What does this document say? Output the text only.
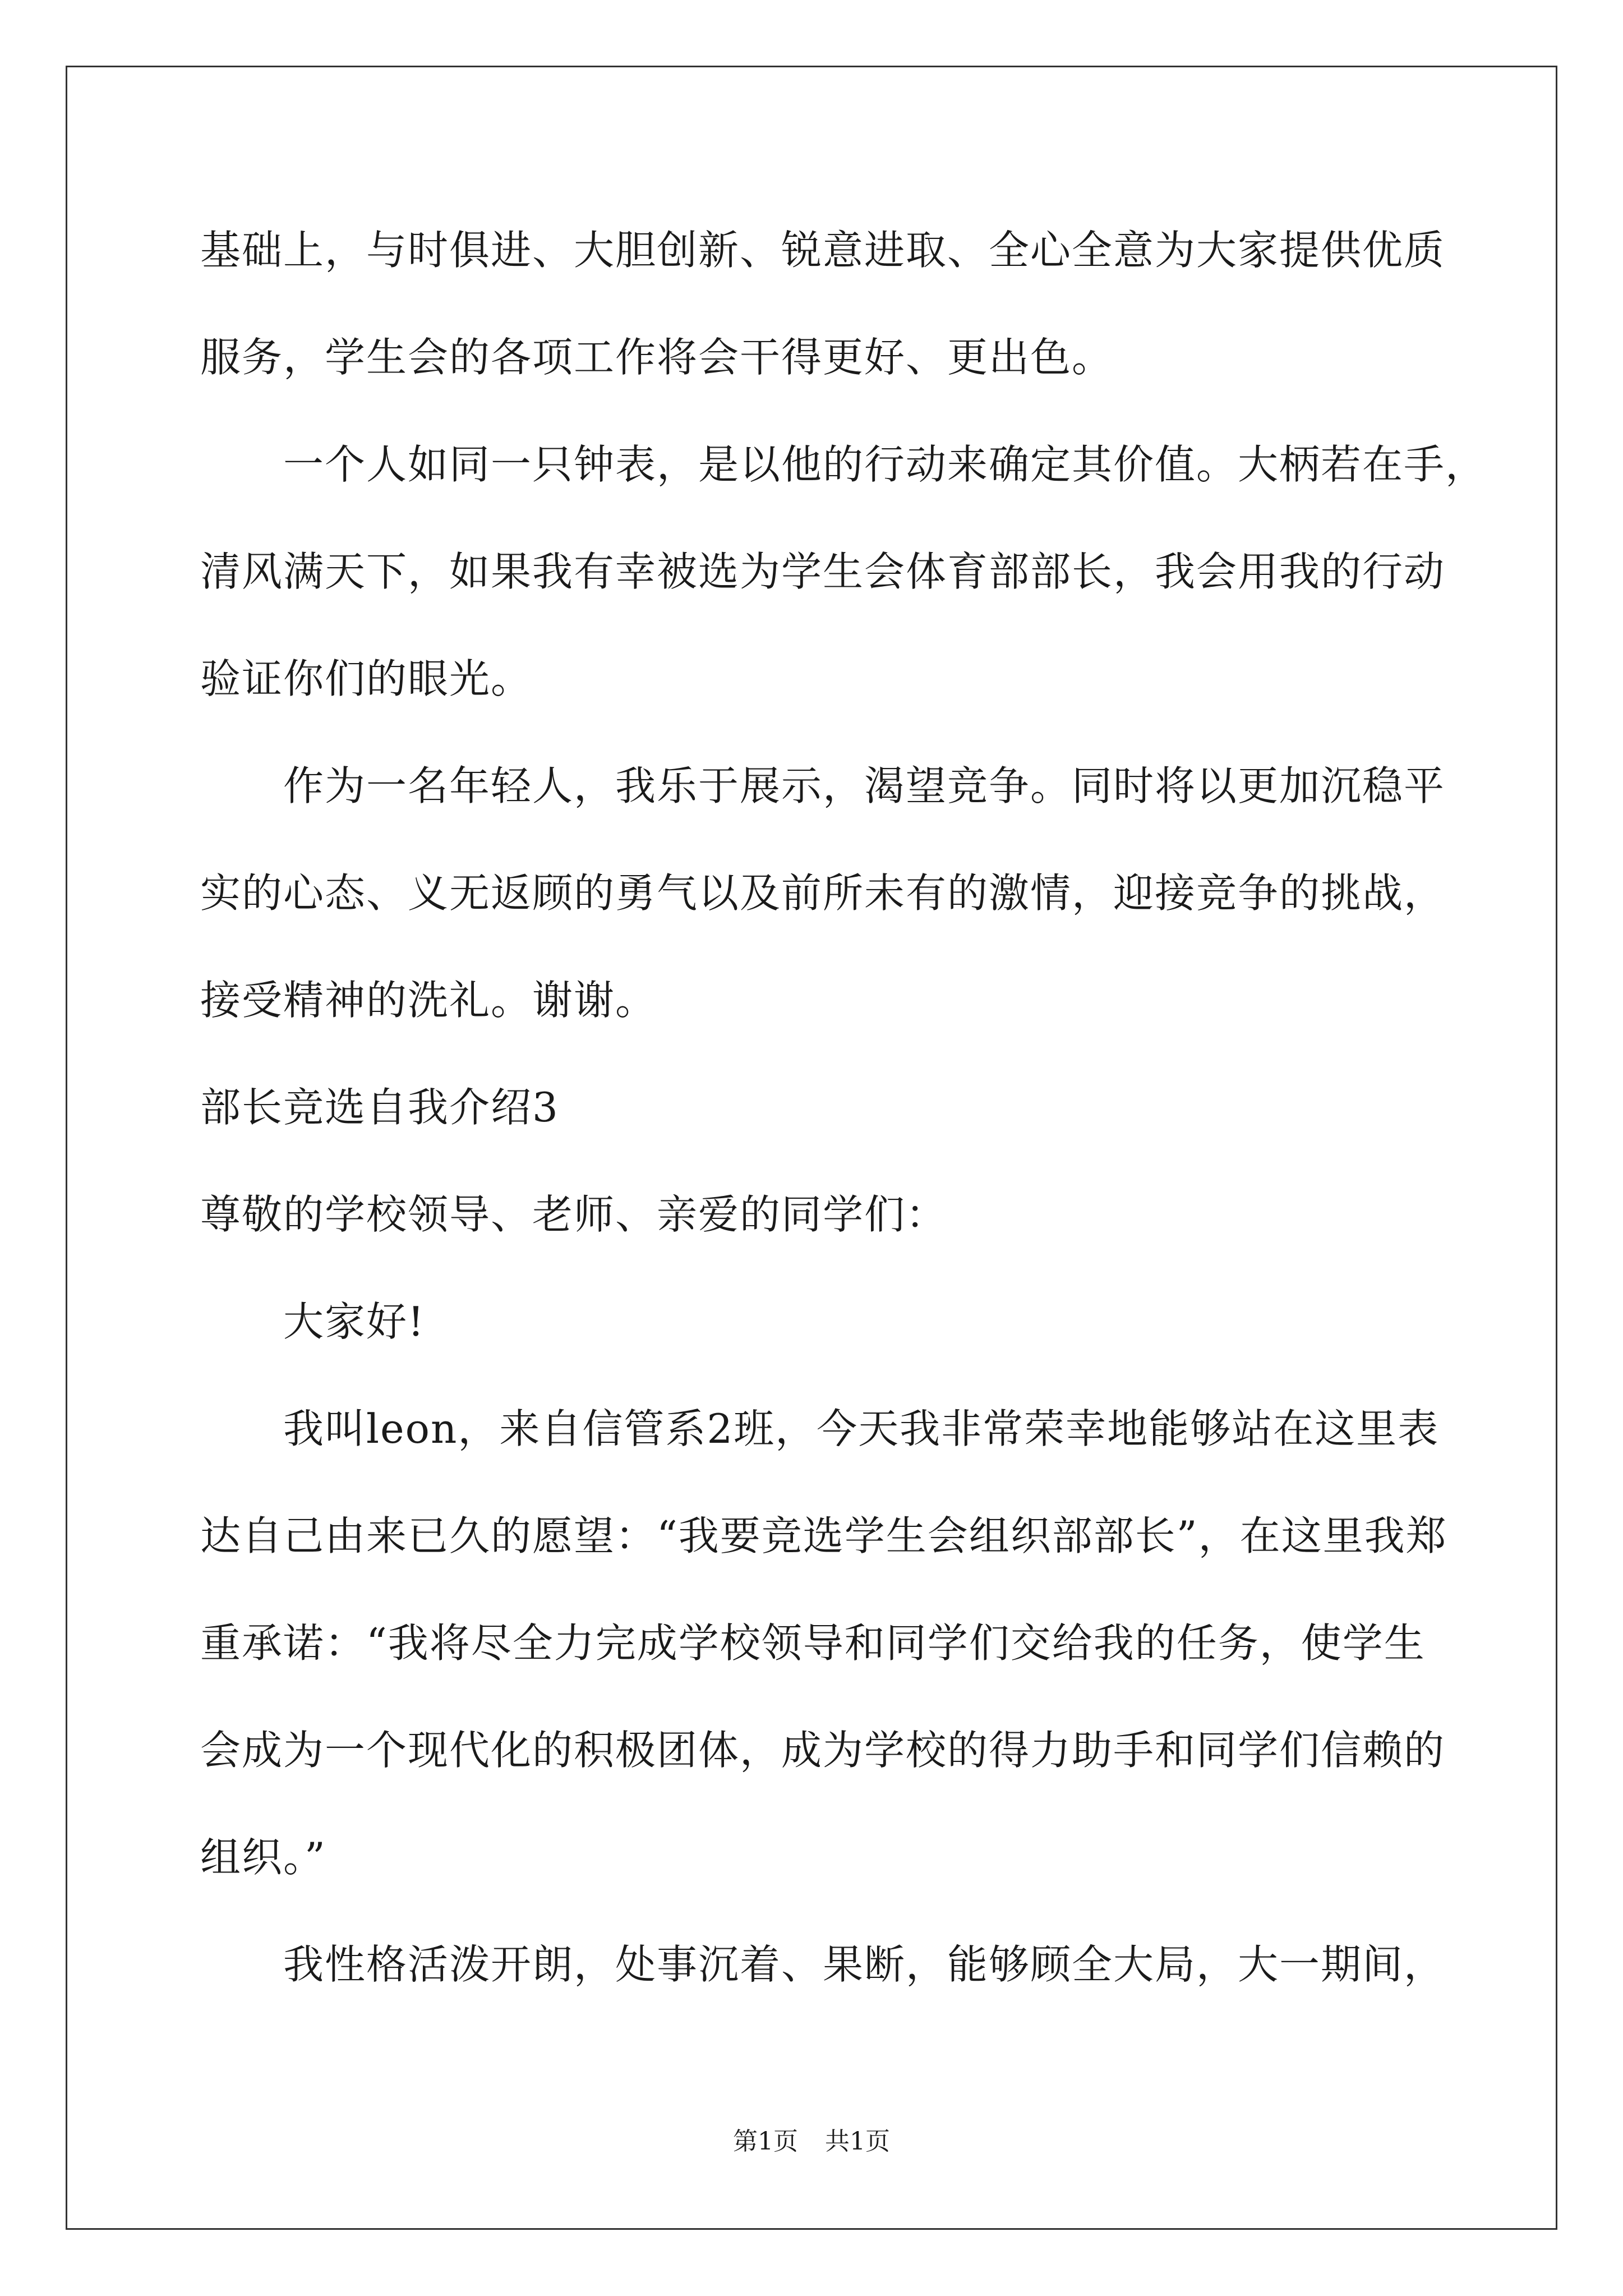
基础上，与时俱进、大胆创新、锐意进取、全心全意为大家提供优质
服务，学生会的各项工作将会干得更好、更出色。
一个人如同一只钟表，是以他的行动来确定其价值。大柄若在手，
清风满天下，如果我有幸被选为学生会体育部部长，我会用我的行动
验证你们的眼光。
作为一名年轻人，我乐于展示，渴望竞争。同时将以更加沉稳平
实的心态、义无返顾的勇气以及前所未有的激情，迎接竞争的挑战，
接受精神的洗礼。谢谢。
部长竞选自我介绍3
尊敬的学校领导、老师、亲爱的同学们：
大家好!
我叫leon，来自信管系2班，今天我非常荣幸地能够站在这里表
达自己由来已久的愿望：“我要竞选学生会组织部部长”，在这里我郑
重承诺：“我将尽全力完成学校领导和同学们交给我的任务，使学生
会成为一个现代化的积极团体，成为学校的得力助手和同学们信赖的
组织。”
我性格活泼开朗，处事沉着、果断，能够顾全大局，大一期间，
第1页 共1页
